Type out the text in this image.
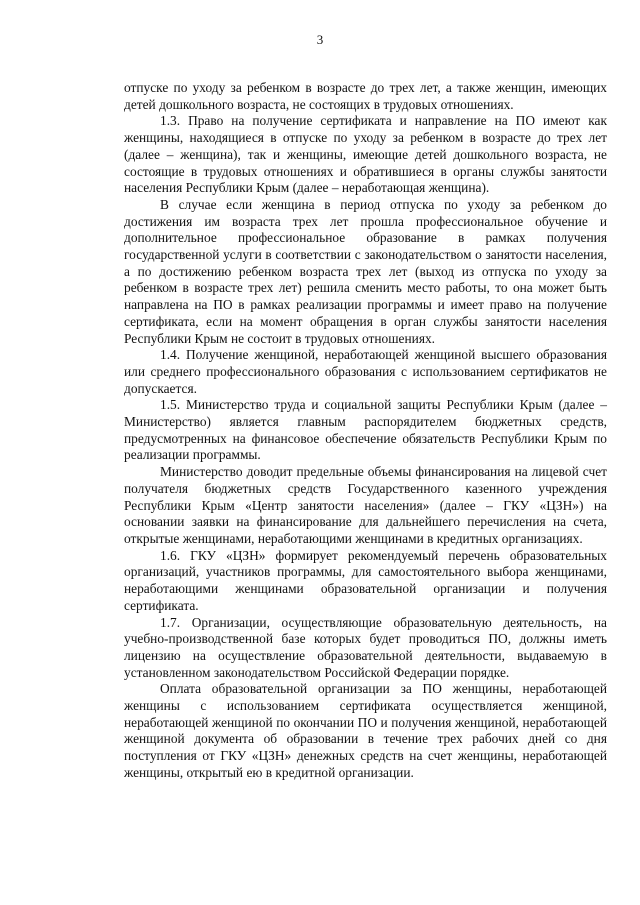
3

отпуске по уходу за ребенком в возрасте до трех лет, а также женщин, имеющих детей дошкольного возраста, не состоящих в трудовых отношениях.

1.3. Право на получение сертификата и направление на ПО имеют как женщины, находящиеся в отпуске по уходу за ребенком в возрасте до трех лет (далее – женщина), так и женщины, имеющие детей дошкольного возраста, не состоящие в трудовых отношениях и обратившиеся в органы службы занятости населения Республики Крым (далее – неработающая женщина).

В случае если женщина в период отпуска по уходу за ребенком до достижения им возраста трех лет прошла профессиональное обучение и дополнительное профессиональное образование в рамках получения государственной услуги в соответствии с законодательством о занятости населения, а по достижению ребенком возраста трех лет (выход из отпуска по уходу за ребенком в возрасте трех лет) решила сменить место работы, то она может быть направлена на ПО в рамках реализации программы и имеет право на получение сертификата, если на момент обращения в орган службы занятости населения Республики Крым не состоит в трудовых отношениях.

1.4. Получение женщиной, неработающей женщиной высшего образования или среднего профессионального образования с использованием сертификатов не допускается.

1.5. Министерство труда и социальной защиты Республики Крым (далее – Министерство) является главным распорядителем бюджетных средств, предусмотренных на финансовое обеспечение обязательств Республики Крым по реализации программы.

Министерство доводит предельные объемы финансирования на лицевой счет получателя бюджетных средств Государственного казенного учреждения Республики Крым «Центр занятости населения» (далее – ГКУ «ЦЗН») на основании заявки на финансирование для дальнейшего перечисления на счета, открытые женщинами, неработающими женщинами в кредитных организациях.

1.6. ГКУ «ЦЗН» формирует рекомендуемый перечень образовательных организаций, участников программы, для самостоятельного выбора женщинами, неработающими женщинами образовательной организации и получения сертификата.

1.7. Организации, осуществляющие образовательную деятельность, на учебно-производственной базе которых будет проводиться ПО, должны иметь лицензию на осуществление образовательной деятельности, выдаваемую в установленном законодательством Российской Федерации порядке.

Оплата образовательной организации за ПО женщины, неработающей женщины с использованием сертификата осуществляется женщиной, неработающей женщиной по окончании ПО и получения женщиной, неработающей женщиной документа об образовании в течение трех рабочих дней со дня поступления от ГКУ «ЦЗН» денежных средств на счет женщины, неработающей женщины, открытый ею в кредитной организации.
